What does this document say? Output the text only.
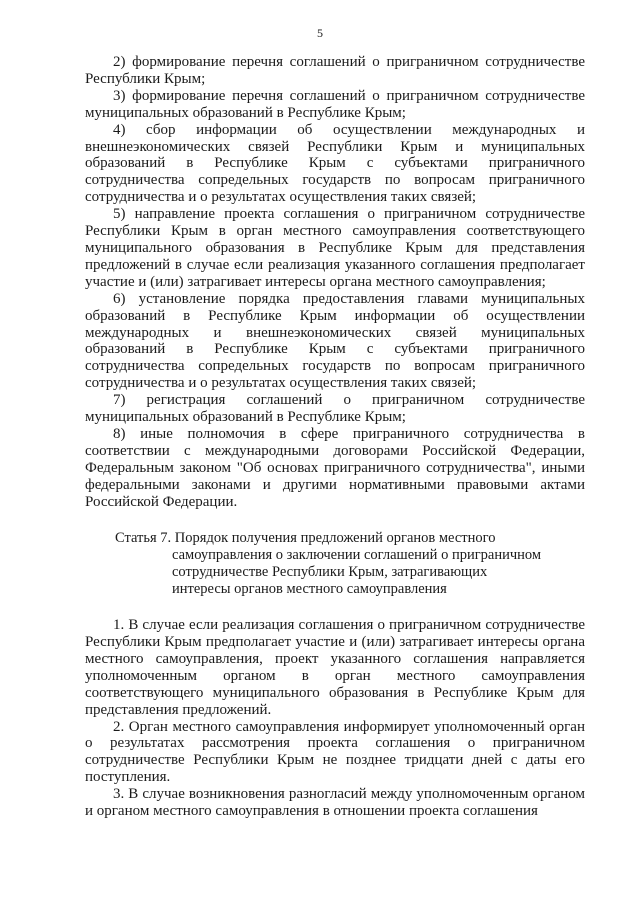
5

2) формирование перечня соглашений о приграничном сотрудничестве Республики Крым;

3) формирование перечня соглашений о приграничном сотрудничестве муниципальных образований в Республике Крым;

4) сбор информации об осуществлении международных и внешнеэкономических связей Республики Крым и муниципальных образований в Республике Крым с субъектами приграничного сотрудничества сопредельных государств по вопросам приграничного сотрудничества и о результатах осуществления таких связей;

5) направление проекта соглашения о приграничном сотрудничестве Республики Крым в орган местного самоуправления соответствующего муниципального образования в Республике Крым для представления предложений в случае если реализация указанного соглашения предполагает участие и (или) затрагивает интересы органа местного самоуправления;

6) установление порядка предоставления главами муниципальных образований в Республике Крым информации об осуществлении международных и внешнеэкономических связей муниципальных образований в Республике Крым с субъектами приграничного сотрудничества сопредельных государств по вопросам приграничного сотрудничества и о результатах осуществления таких связей;

7) регистрация соглашений о приграничном сотрудничестве муниципальных образований в Республике Крым;

8) иные полномочия в сфере приграничного сотрудничества в соответствии с международными договорами Российской Федерации, Федеральным законом "Об основах приграничного сотрудничества", иными федеральными законами и другими нормативными правовыми актами Российской Федерации.

Статья 7. Порядок получения предложений органов местного самоуправления о заключении соглашений о приграничном сотрудничестве Республики Крым, затрагивающих интересы органов местного самоуправления

1. В случае если реализация соглашения о приграничном сотрудничестве Республики Крым предполагает участие и (или) затрагивает интересы органа местного самоуправления, проект указанного соглашения направляется уполномоченным органом в орган местного самоуправления соответствующего муниципального образования в Республике Крым для представления предложений.

2. Орган местного самоуправления информирует уполномоченный орган о результатах рассмотрения проекта соглашения о приграничном сотрудничестве Республики Крым не позднее тридцати дней с даты его поступления.

3. В случае возникновения разногласий между уполномоченным органом и органом местного самоуправления в отношении проекта соглашения
